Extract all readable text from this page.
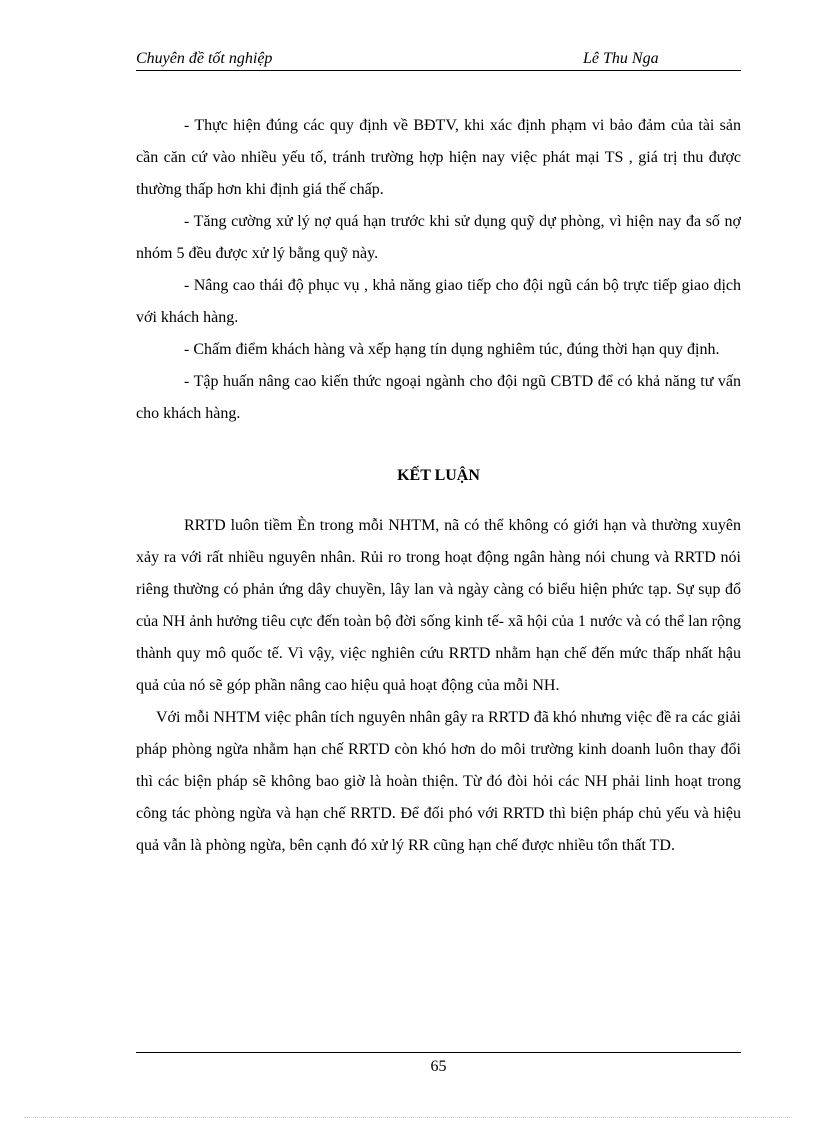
Chuyên đề tốt nghiệp	Lê Thu Nga

- Thực hiện đúng các quy định về BĐTV, khi xác định phạm vi bảo đảm của tài sản cần căn cứ vào nhiều yếu tố, tránh trường hợp hiện nay việc phát mại TS , giá trị thu được thường thấp hơn khi định giá thế chấp.

- Tăng cường xử lý nợ quá hạn trước khi sử dụng quỹ dự phòng, vì hiện nay đa số nợ nhóm 5 đều được xử lý bằng quỹ này.

- Nâng cao thái độ phục vụ , khả năng giao tiếp cho đội ngũ cán bộ trực tiếp giao dịch với khách hàng.

- Chấm điểm khách hàng và xếp hạng tín dụng nghiêm túc, đúng thời hạn quy định.

- Tập huấn nâng cao kiến thức ngoại ngành cho đội ngũ CBTD để có khả năng tư vấn cho khách hàng.

KẾT LUẬN

RRTD luôn tiềm Èn trong mỗi NHTM, nã có thể không có giới hạn và thường xuyên xảy ra với rất nhiều nguyên nhân. Rủi ro trong hoạt động ngân hàng nói chung và RRTD nói riêng thường có phản ứng dây chuyền, lây lan và ngày càng có biểu hiện phức tạp. Sự sụp đổ của NH ảnh hưởng tiêu cực đến toàn bộ đời sống kinh tế- xã hội của 1 nước và có thể lan rộng thành quy mô quốc tế. Vì vậy, việc nghiên cứu RRTD nhằm hạn chế đến mức thấp nhất hậu quả của nó sẽ góp phần nâng cao hiệu quả hoạt động của mỗi NH.

Với mỗi NHTM việc phân tích nguyên nhân gây ra RRTD đã khó nhưng việc đề ra các giải pháp phòng ngừa nhằm hạn chế RRTD còn khó hơn do môi trường kinh doanh luôn thay đổi thì các biện pháp sẽ không bao giờ là hoàn thiện. Từ đó đòi hỏi các NH phải linh hoạt trong công tác phòng ngừa và hạn chế RRTD. Để đối phó với RRTD thì biện pháp chủ yếu và hiệu quả vẫn là phòng ngừa, bên cạnh đó xử lý RR cũng hạn chế được nhiều tổn thất TD.

65
